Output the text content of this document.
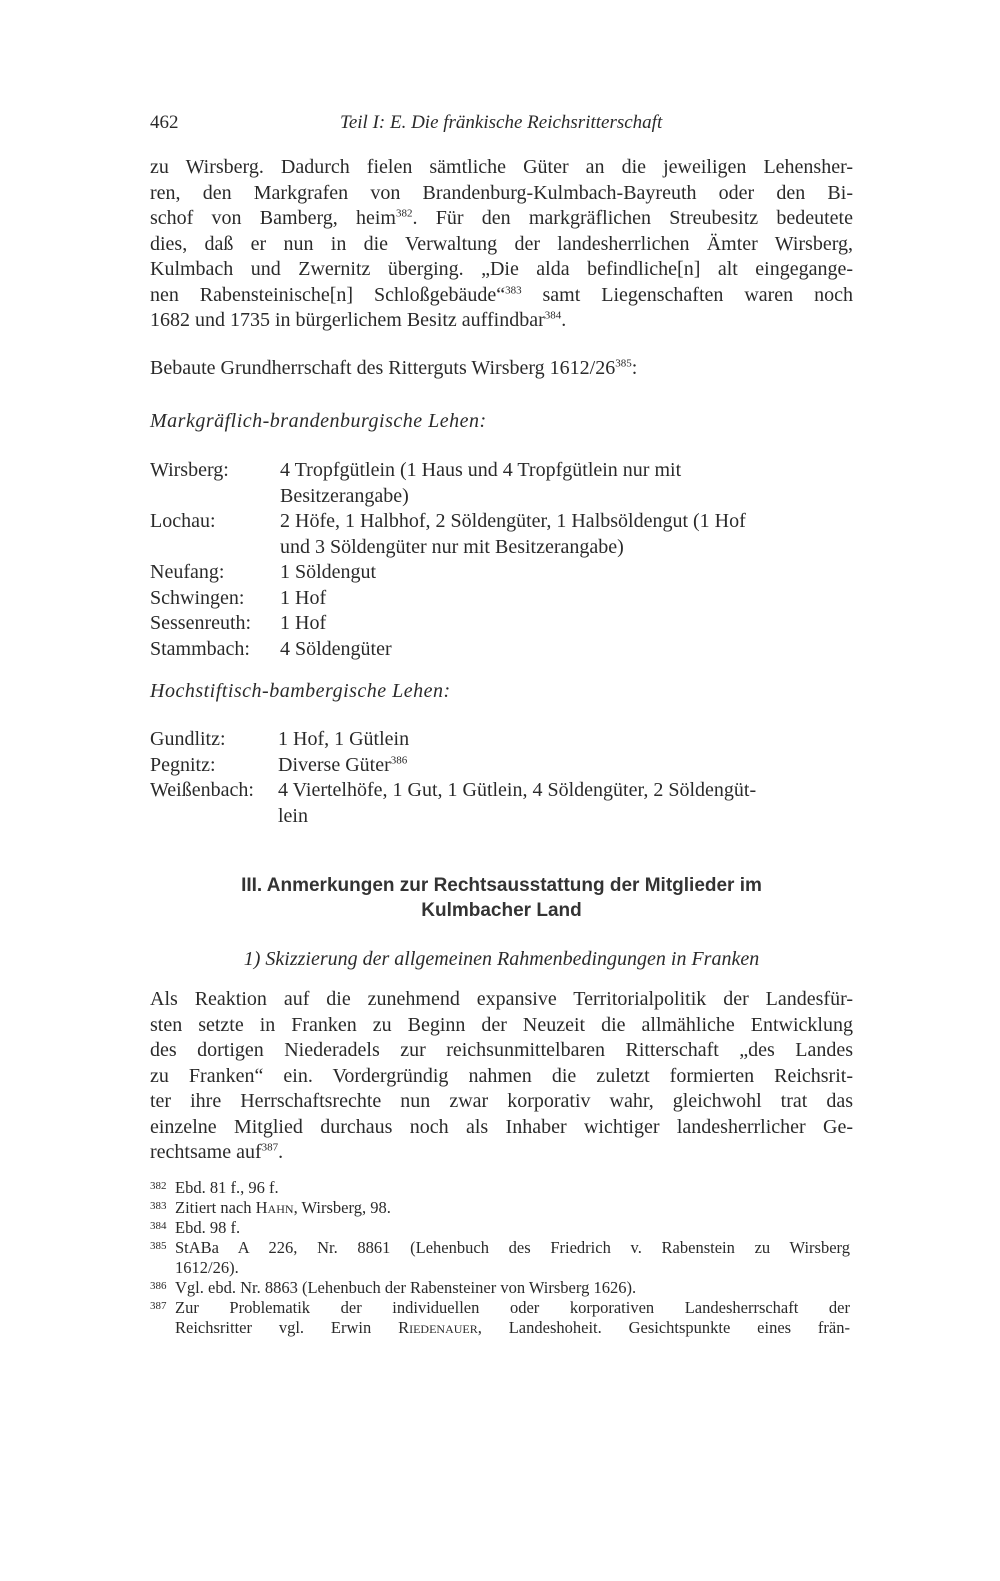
462	Teil I: E. Die fränkische Reichsritterschaft
zu Wirsberg. Dadurch fielen sämtliche Güter an die jeweiligen Lehensher-
ren, den Markgrafen von Brandenburg-Kulmbach-Bayreuth oder den Bi-
schof von Bamberg, heim$^{382}$. Für den markgräflichen Streubesitz bedeutete
dies, daß er nun in die Verwaltung der landesherrlichen Ämter Wirsberg,
Kulmbach und Zwernitz überging. „Die alda befindliche[n] alt eingegange-
nen Rabensteinische[n] Schloßgebäude“$^{383}$ samt Liegenschaften waren noch
1682 und 1735 in bürgerlichem Besitz auffindbar$^{384}$.
Bebaute Grundherrschaft des Ritterguts Wirsberg $1612/26^{385}$:
Markgräflich-brandenburgische Lehen:
Wirsberg:	4 Tropfgütlein (1 Haus und 4 Tropfgütlein nur mit
Besitzerangabe)

Lochau:	2 Höfe, 1 Halbhof, 2 Söldengüter, 1 Halbsöldengut (1 Hof
und 3 Söldengüter nur mit Besitzerangabe)

Neufang:	1 Söldengut
Schwingen:	1 Hof
Sessenreuth:	1 Hof
Stammbach:	4 Söldengüter
Hochstiftisch-bambergische Lehen:
Gundlitz:	1 Hof, 1 Gütlein
Pegnitz:	Diverse Güter$^{386}$
Weißenbach:	4 Viertelhöfe, 1 Gut, 1 Gütlein, 4 Söldengüter, 2 Söldengüt-
lein
III. Anmerkungen zur Rechtsausstattung der Mitglieder im
Kulmbacher Land
1) Skizzierung der allgemeinen Rahmenbedingungen in Franken
Als Reaktion auf die zunehmend expansive Territorialpolitik der Landesfür-
sten setzte in Franken zu Beginn der Neuzeit die allmähliche Entwicklung
des dortigen Niederadels zur reichsunmittelbaren Ritterschaft „des Landes
zu Franken“ ein. Vordergründig nahmen die zuletzt formierten Reichsrit-
ter ihre Herrschaftsrechte nun zwar korporativ wahr, gleichwohl trat das
einzelne Mitglied durchaus noch als Inhaber wichtiger landesherrlicher Ge-
rechtsame auf$^{387}$.
382 Ebd. 81 f., 96 f.
383 Zitiert nach Hahn, Wirsberg, 98.
384 Ebd. 98 f.
385 StABa A 226, Nr. 8861 (Lehenbuch des Friedrich v. Rabenstein zu Wirsberg
1612/26).
386 Vgl. ebd. Nr. 8863 (Lehenbuch der Rabensteiner von Wirsberg 1626).
387 Zur Problematik der individuellen oder korporativen Landesherrschaft der
Reichsritter vgl. Erwin Riedenauer, Landeshoheit. Gesichtspunkte eines frän-
